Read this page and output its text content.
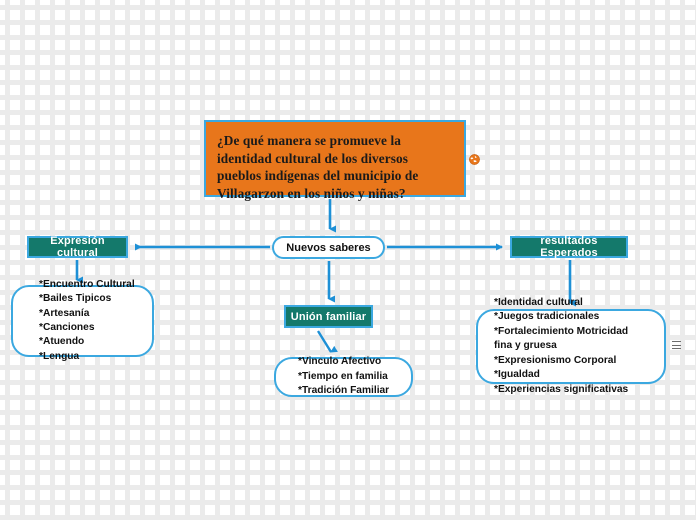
¿De qué manera se promueve la
identidad cultural de los diversos
pueblos indígenas del municipio de
Villagarzon en los niños y niñas?
Expresión cultural	Nuevos saberes
resultados Esperados
Unión familiar
*Encuentro Cultural
*Bailes Tipicos
*Artesanía
*Canciones
*Atuendo
*Lengua	*Vinculo Afectivo
*Tiempo en familia
*Tradición Familiar
*Identidad cultural
*Juegos tradicionales
*Fortalecimiento Motricidad
fina y gruesa
*Expresionismo Corporal
*Igualdad
*Experiencias significativas
